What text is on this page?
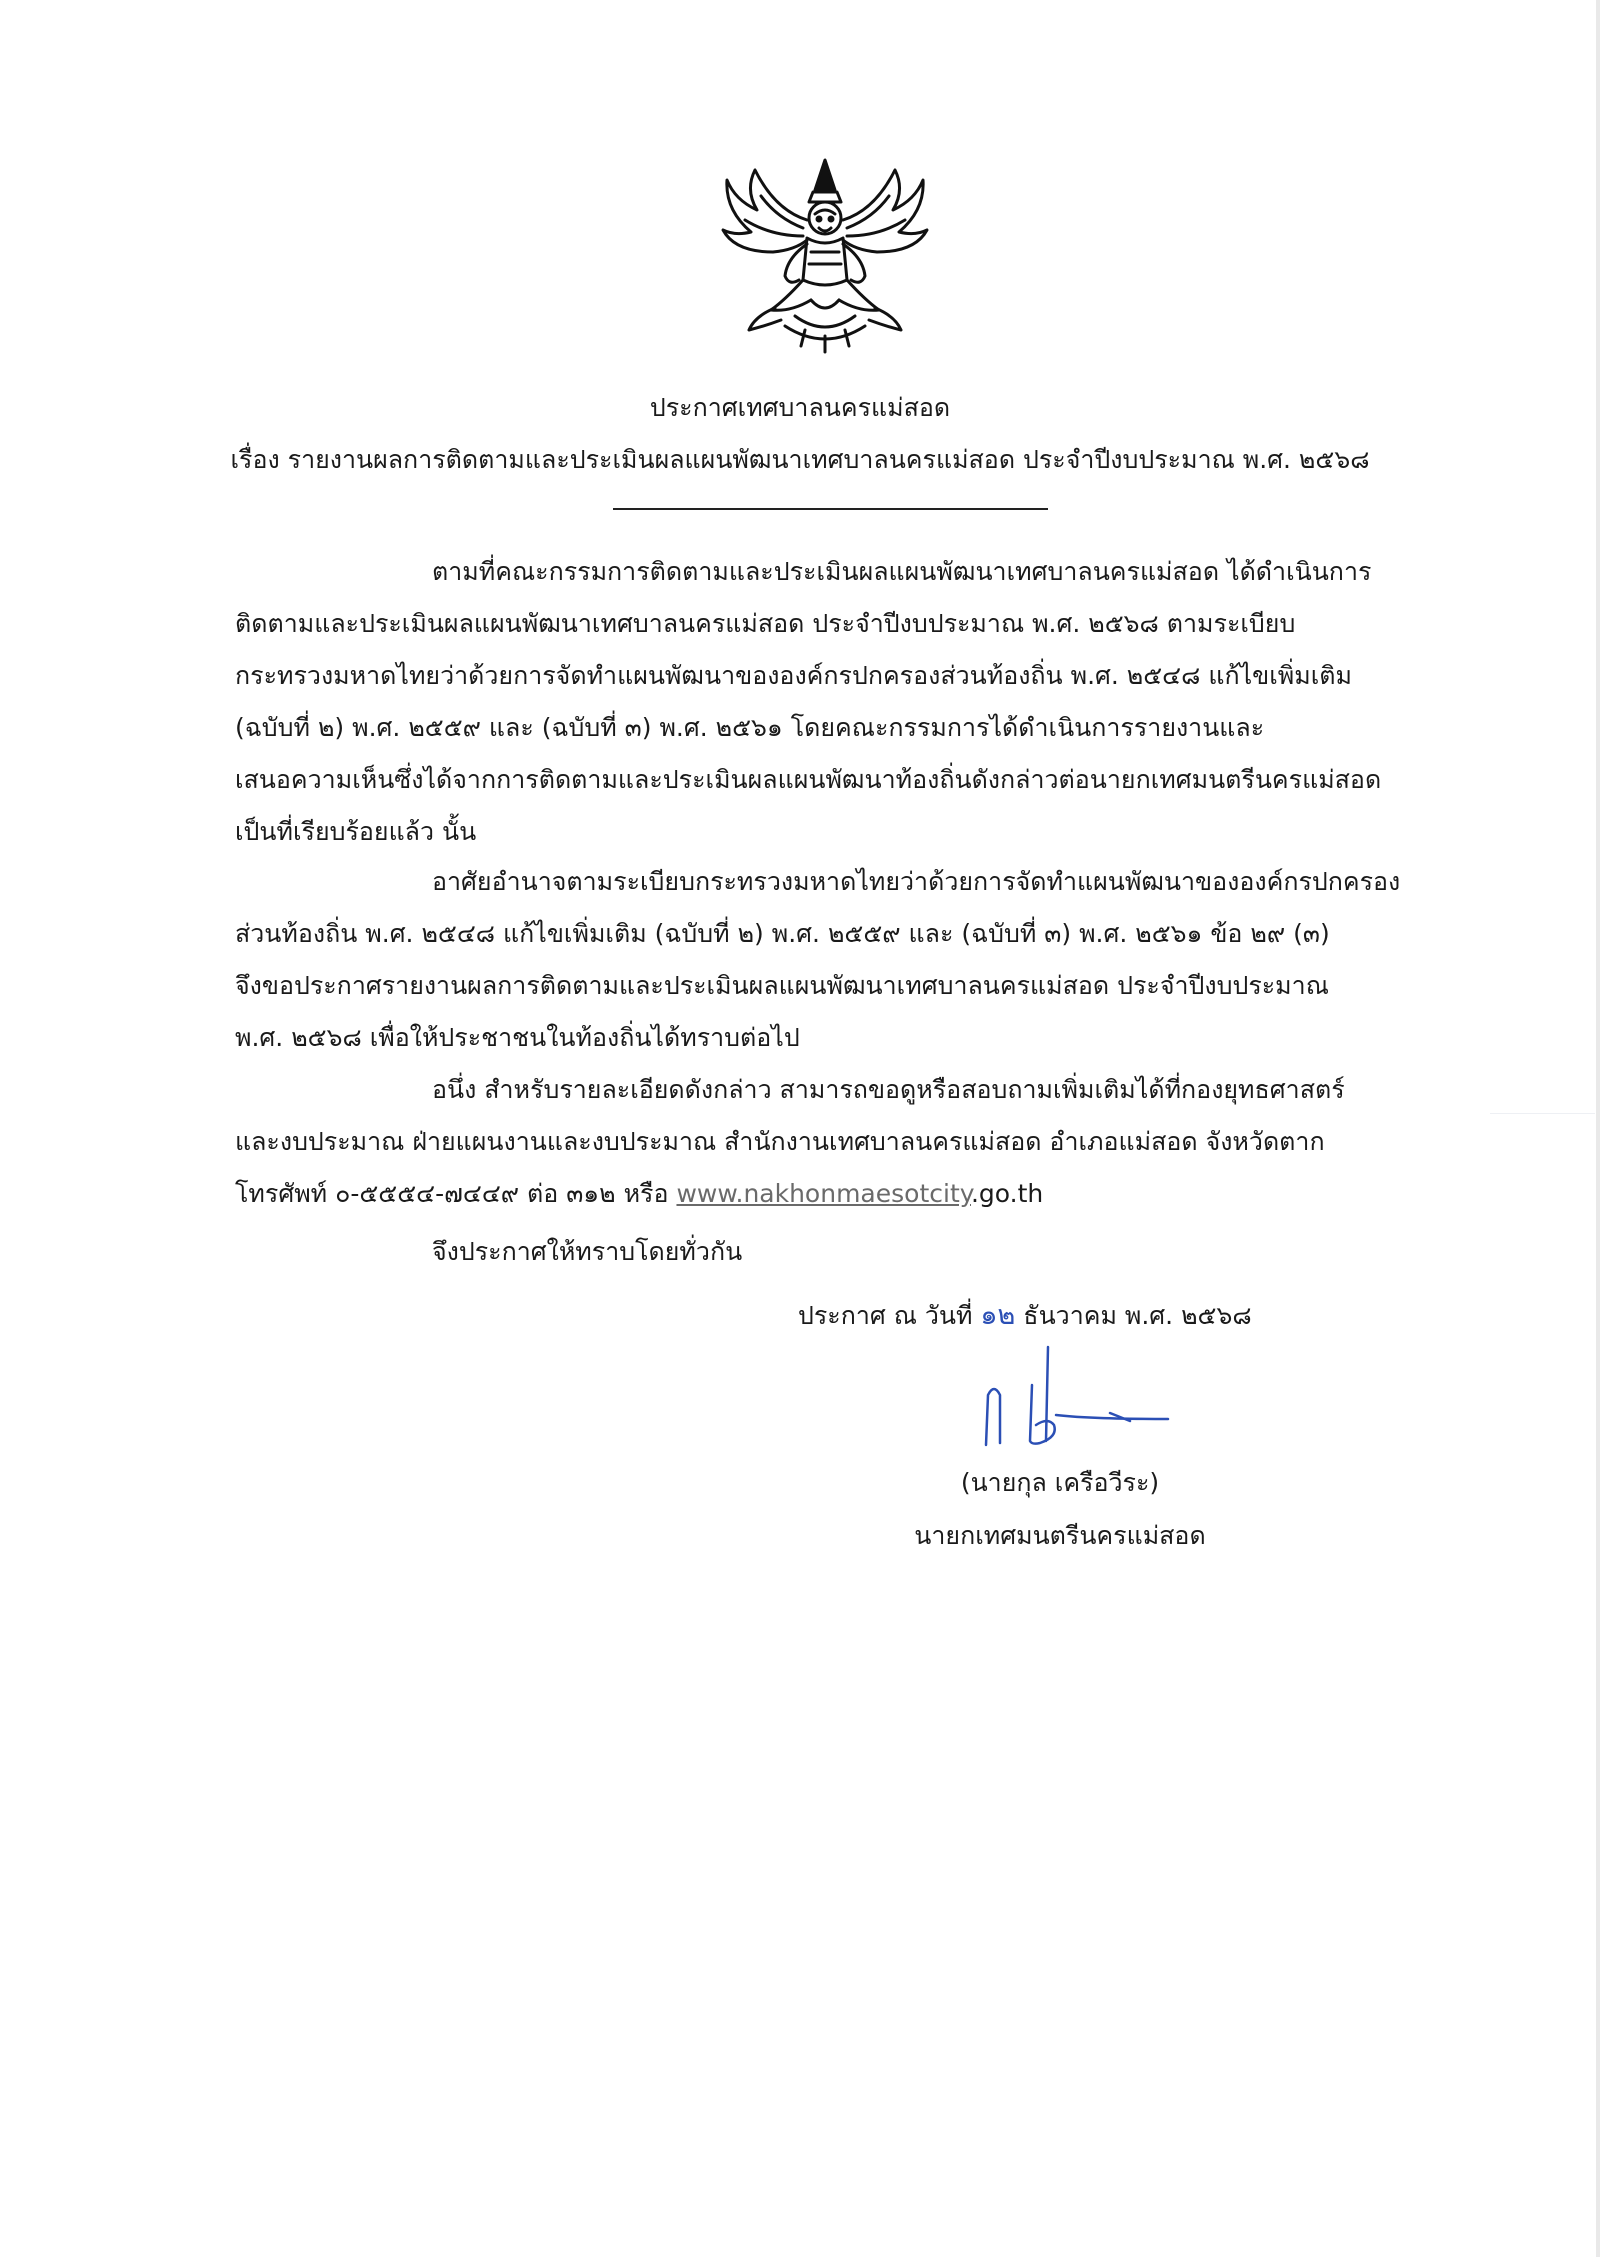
ประกาศเทศบาลนครแม่สอด
เรื่อง รายงานผลการติดตามและประเมินผลแผนพัฒนาเทศบาลนครแม่สอด ประจำปีงบประมาณ พ.ศ. ๒๕๖๘
ตามที่คณะกรรมการติดตามและประเมินผลแผนพัฒนาเทศบาลนครแม่สอด ได้ดำเนินการ
ติดตามและประเมินผลแผนพัฒนาเทศบาลนครแม่สอด ประจำปีงบประมาณ พ.ศ. ๒๕๖๘ ตามระเบียบ
กระทรวงมหาดไทยว่าด้วยการจัดทำแผนพัฒนาขององค์กรปกครองส่วนท้องถิ่น พ.ศ. ๒๕๔๘ แก้ไขเพิ่มเติม
(ฉบับที่ ๒) พ.ศ. ๒๕๕๙ และ (ฉบับที่ ๓) พ.ศ. ๒๕๖๑ โดยคณะกรรมการได้ดำเนินการรายงานและ
เสนอความเห็นซึ่งได้จากการติดตามและประเมินผลแผนพัฒนาท้องถิ่นดังกล่าวต่อนายกเทศมนตรีนครแม่สอด
เป็นที่เรียบร้อยแล้ว นั้น
อาศัยอำนาจตามระเบียบกระทรวงมหาดไทยว่าด้วยการจัดทำแผนพัฒนาขององค์กรปกครอง
ส่วนท้องถิ่น พ.ศ. ๒๕๔๘ แก้ไขเพิ่มเติม (ฉบับที่ ๒) พ.ศ. ๒๕๕๙ และ (ฉบับที่ ๓) พ.ศ. ๒๕๖๑ ข้อ ๒๙ (๓)
จึงขอประกาศรายงานผลการติดตามและประเมินผลแผนพัฒนาเทศบาลนครแม่สอด ประจำปีงบประมาณ
พ.ศ. ๒๕๖๘ เพื่อให้ประชาชนในท้องถิ่นได้ทราบต่อไป
อนึ่ง สำหรับรายละเอียดดังกล่าว สามารถขอดูหรือสอบถามเพิ่มเติมได้ที่กองยุทธศาสตร์
และงบประมาณ ฝ่ายแผนงานและงบประมาณ สำนักงานเทศบาลนครแม่สอด อำเภอแม่สอด จังหวัดตาก
โทรศัพท์ ๐-๕๕๕๔-๗๔๔๙ ต่อ ๓๑๒ หรือ www.nakhonmaesotcity.go.th
จึงประกาศให้ทราบโดยทั่วกัน
ประกาศ ณ วันที่ ๑๒ ธันวาคม พ.ศ. ๒๕๖๘
(นายกุล เครือวีระ)
นายกเทศมนตรีนครแม่สอด
